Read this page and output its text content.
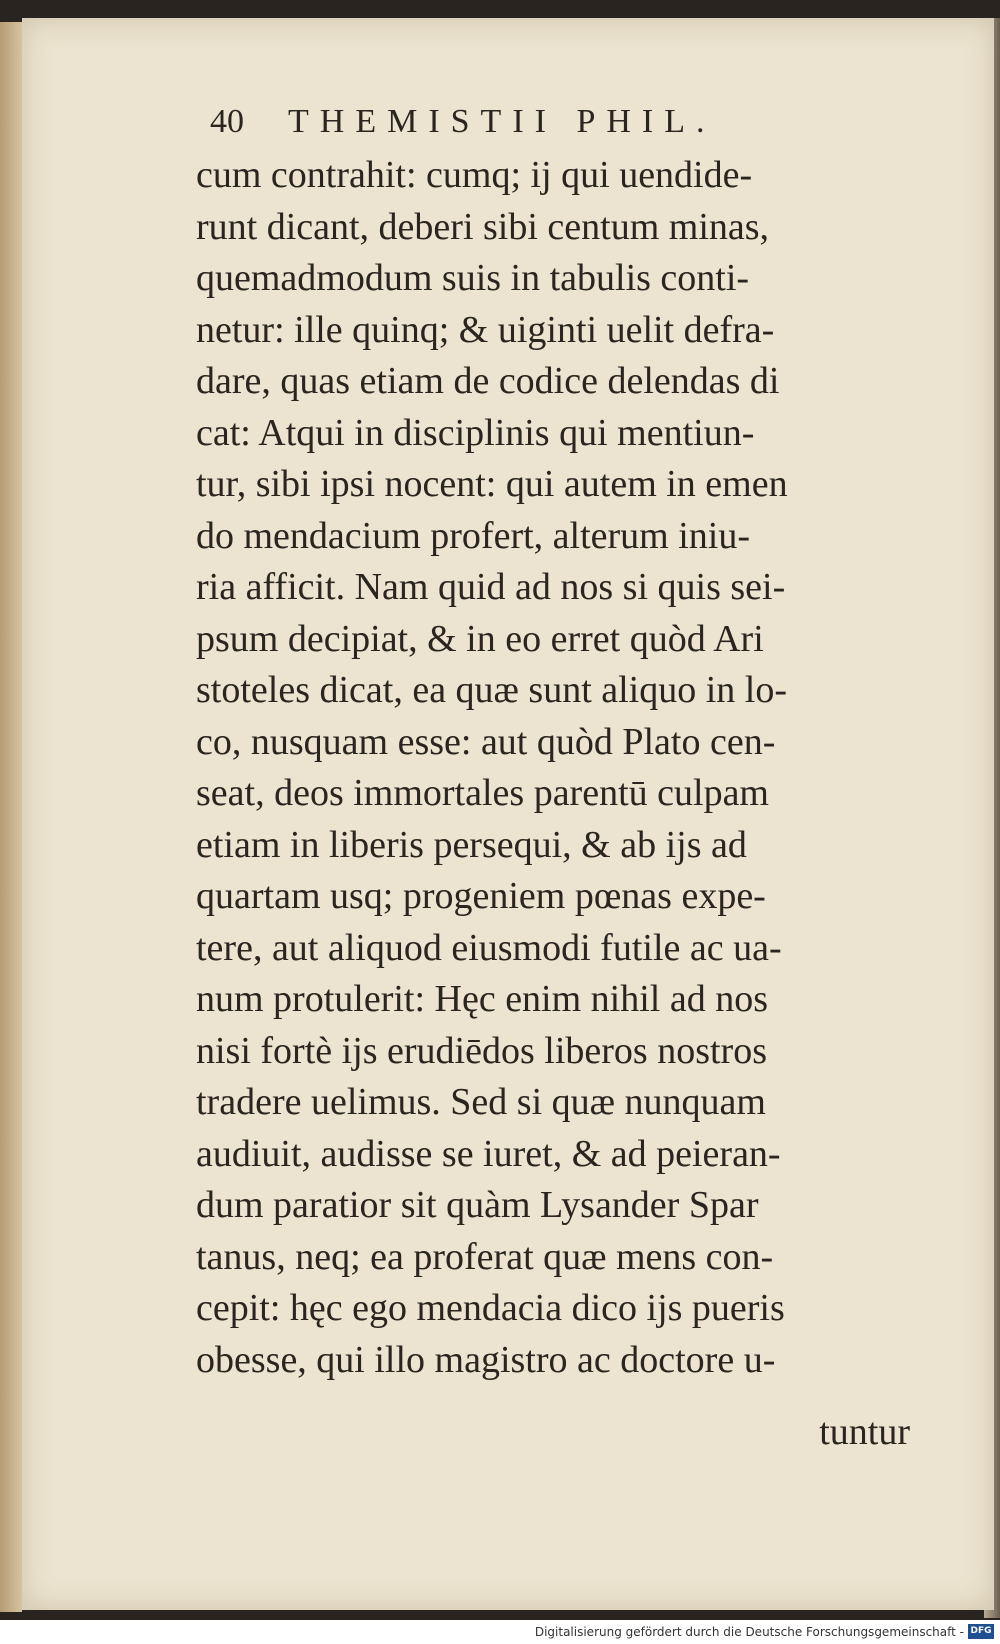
40	THEMISTII PHIL.
cum contrahit: cumq; ij qui uendide-
runt dicant, deberi sibi centum minas,
quemadmodum suis in tabulis conti-
netur: ille quinq; & uiginti uelit defra-
dare, quas etiam de codice delendas di
cat: Atqui in disciplinis qui mentiun-
tur, sibi ipsi nocent: qui autem in emen
do mendacium profert, alterum iniu-
ria afficit. Nam quid ad nos si quis sei-
psum decipiat, & in eo erret quòd Ari
stoteles dicat, ea quæ sunt aliquo in lo-
co, nusquam esse: aut quòd Plato cen-
seat, deos immortales parentū culpam
etiam in liberis persequi, & ab ijs ad
quartam usq; progeniem pœnas expe-
tere, aut aliquod eiusmodi futile ac ua-
num protulerit: Hęc enim nihil ad nos
nisi fortè ijs erudiēdos liberos nostros
tradere uelimus. Sed si quæ nunquam
audiuit, audisse se iuret, & ad peieran-
dum paratior sit quàm Lysander Spar
tanus, neq; ea proferat quæ mens con-
cepit: hęc ego mendacia dico ijs pueris
obesse, qui illo magistro ac doctore u-
tuntur
Digitalisierung gefördert durch die Deutsche Forschungsgemeinschaft - DFG
